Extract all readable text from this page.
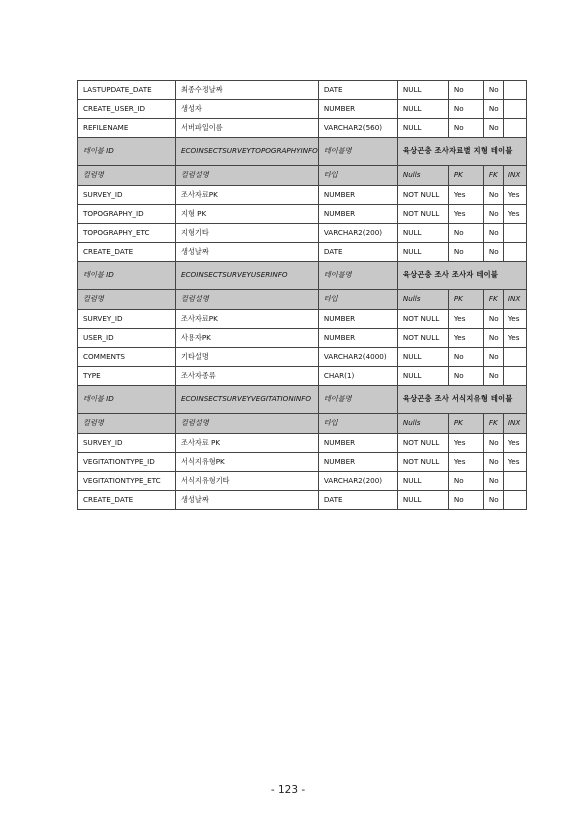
LASTUPDATE_DATE	최종수정날짜	DATE	NULL	No	No	
CREATE_USER_ID	생성자	NUMBER	NULL	No	No	
REFILENAME	서버파일이름	VARCHAR2(560)	NULL	No	No	
테이블 ID	ECOINSECTSURVEYTOPOGRAPHYINFO	테이블명	육상곤충 조사자료별 지형 테이블			
컬럼명	컬럼설명	타입	Nulls	PK	FK	INX
SURVEY_ID	조사자료PK	NUMBER	NOT NULL	Yes	No	Yes
TOPOGRAPHY_ID	지형 PK	NUMBER	NOT NULL	Yes	No	Yes
TOPOGRAPHY_ETC	지형기타	VARCHAR2(200)	NULL	No	No	
CREATE_DATE	생성날짜	DATE	NULL	No	No	
테이블 ID	ECOINSECTSURVEYUSERINFO	테이블명	육상곤충 조사 조사자 테이블			
컬럼명	컬럼설명	타입	Nulls	PK	FK	INX
SURVEY_ID	조사자료PK	NUMBER	NOT NULL	Yes	No	Yes
USER_ID	사용자PK	NUMBER	NOT NULL	Yes	No	Yes
COMMENTS	기타설명	VARCHAR2(4000)	NULL	No	No	
TYPE	조사자종류	CHAR(1)	NULL	No	No	
테이블 ID	ECOINSECTSURVEYVEGITATIONINFO	테이블명	육상곤충 조사 서식지유형 테이블			
컬럼명	컬럼설명	타입	Nulls	PK	FK	INX
SURVEY_ID	조사자료 PK	NUMBER	NOT NULL	Yes	No	Yes
VEGITATIONTYPE_ID	서식지유형PK	NUMBER	NOT NULL	Yes	No	Yes
VEGITATIONTYPE_ETC	서식지유형기타	VARCHAR2(200)	NULL	No	No	
CREATE_DATE	생성날짜	DATE	NULL	No	No	
- 123 -
